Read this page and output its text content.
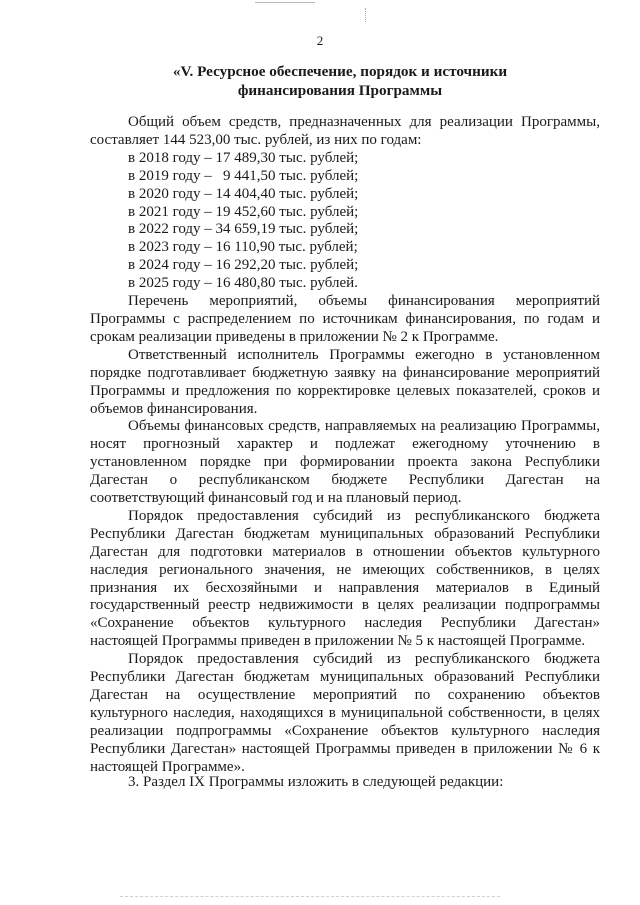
2
«V. Ресурсное обеспечение, порядок и источники
финансирования Программы
Общий объем средств, предназначенных для реализации Программы,
составляет 144 523,00 тыс. рублей, из них по годам:
в 2018 году – 17 489,30 тыс. рублей;
в 2019 году –   9 441,50 тыс. рублей;
в 2020 году – 14 404,40 тыс. рублей;
в 2021 году – 19 452,60 тыс. рублей;
в 2022 году – 34 659,19 тыс. рублей;
в 2023 году – 16 110,90 тыс. рублей;
в 2024 году – 16 292,20 тыс. рублей;
в 2025 году – 16 480,80 тыс. рублей.
Перечень мероприятий, объемы финансирования мероприятий
Программы с распределением по источникам финансирования, по годам и
срокам реализации приведены в приложении № 2 к Программе.
Ответственный исполнитель Программы ежегодно в установленном
порядке подготавливает бюджетную заявку на финансирование мероприятий
Программы и предложения по корректировке целевых показателей, сроков и
объемов финансирования.
Объемы финансовых средств, направляемых на реализацию Программы,
носят прогнозный характер и подлежат ежегодному уточнению в
установленном порядке при формировании проекта закона Республики
Дагестан о республиканском бюджете Республики Дагестан на
соответствующий финансовый год и на плановый период.
Порядок предоставления субсидий из республиканского бюджета
Республики Дагестан бюджетам муниципальных образований Республики
Дагестан для подготовки материалов в отношении объектов культурного
наследия регионального значения, не имеющих собственников, в целях
признания их бесхозяйными и направления материалов в Единый
государственный реестр недвижимости в целях реализации подпрограммы
«Сохранение объектов культурного наследия Республики Дагестан»
настоящей Программы приведен в приложении № 5 к настоящей Программе.
Порядок предоставления субсидий из республиканского бюджета
Республики Дагестан бюджетам муниципальных образований Республики
Дагестан на осуществление мероприятий по сохранению объектов
культурного наследия, находящихся в муниципальной собственности, в целях
реализации подпрограммы «Сохранение объектов культурного наследия
Республики Дагестан» настоящей Программы приведен в приложении № 6 к
настоящей Программе».
3. Раздел IX Программы изложить в следующей редакции:
